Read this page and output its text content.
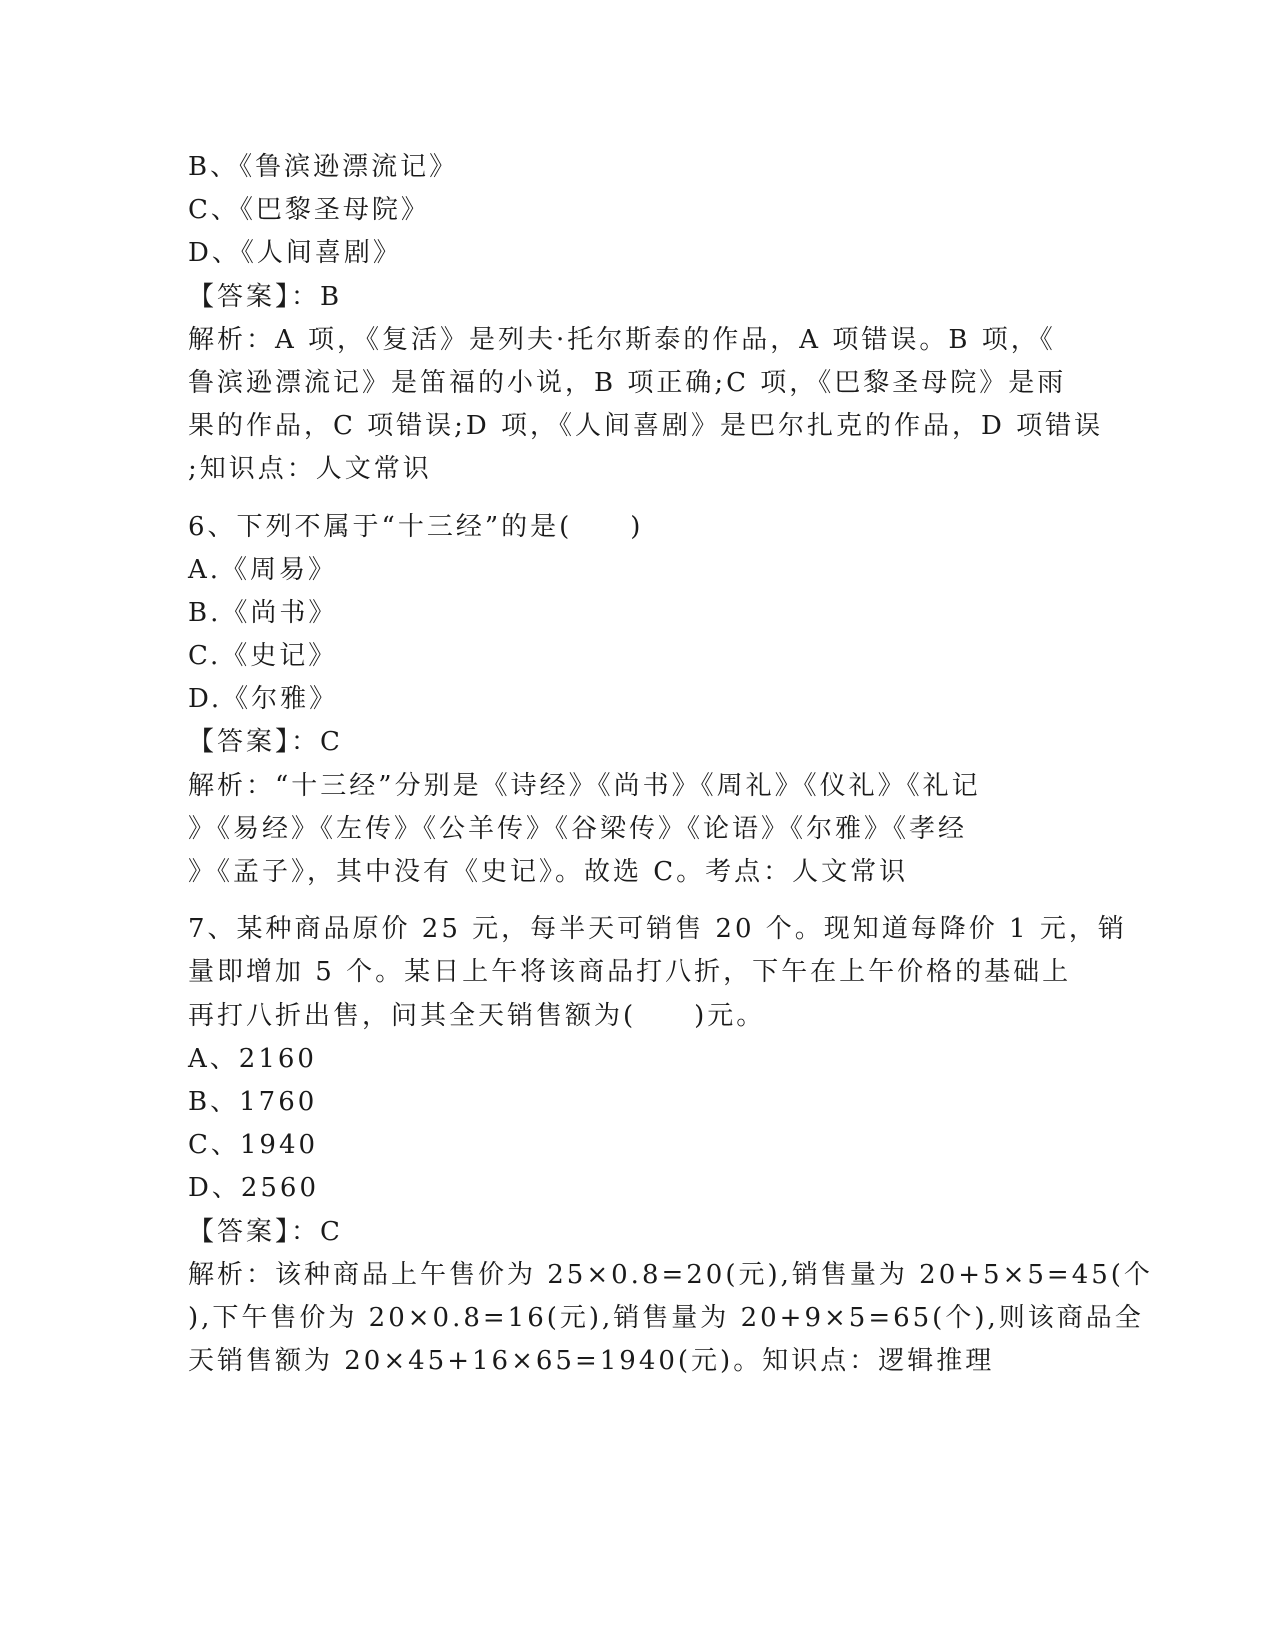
B、《鲁滨逊漂流记》
C、《巴黎圣母院》
D、《人间喜剧》
【答案】：B
解析：A 项，《复活》是列夫·托尔斯泰的作品，A 项错误。B 项，《
鲁滨逊漂流记》是笛福的小说，B 项正确;C 项，《巴黎圣母院》是雨
果的作品，C 项错误;D 项，《人间喜剧》是巴尔扎克的作品，D 项错误
;知识点：人文常识
6、下列不属于“十三经”的是(　　)
A.《周易》
B.《尚书》
C.《史记》
D.《尔雅》
【答案】：C
解析：“十三经”分别是《诗经》《尚书》《周礼》《仪礼》《礼记
》《易经》《左传》《公羊传》《谷梁传》《论语》《尔雅》《孝经
》《孟子》，其中没有《史记》。故选 C。考点：人文常识
7、某种商品原价 25 元，每半天可销售 20 个。现知道每降价 1 元，销
量即增加 5 个。某日上午将该商品打八折，下午在上午价格的基础上
再打八折出售，问其全天销售额为(　　)元。
A、2160
B、1760
C、1940
D、2560
【答案】：C
解析：该种商品上午售价为 25×0.8=20(元),销售量为 20+5×5=45(个
),下午售价为 20×0.8=16(元),销售量为 20+9×5=65(个),则该商品全
天销售额为 20×45+16×65=1940(元)。知识点：逻辑推理
